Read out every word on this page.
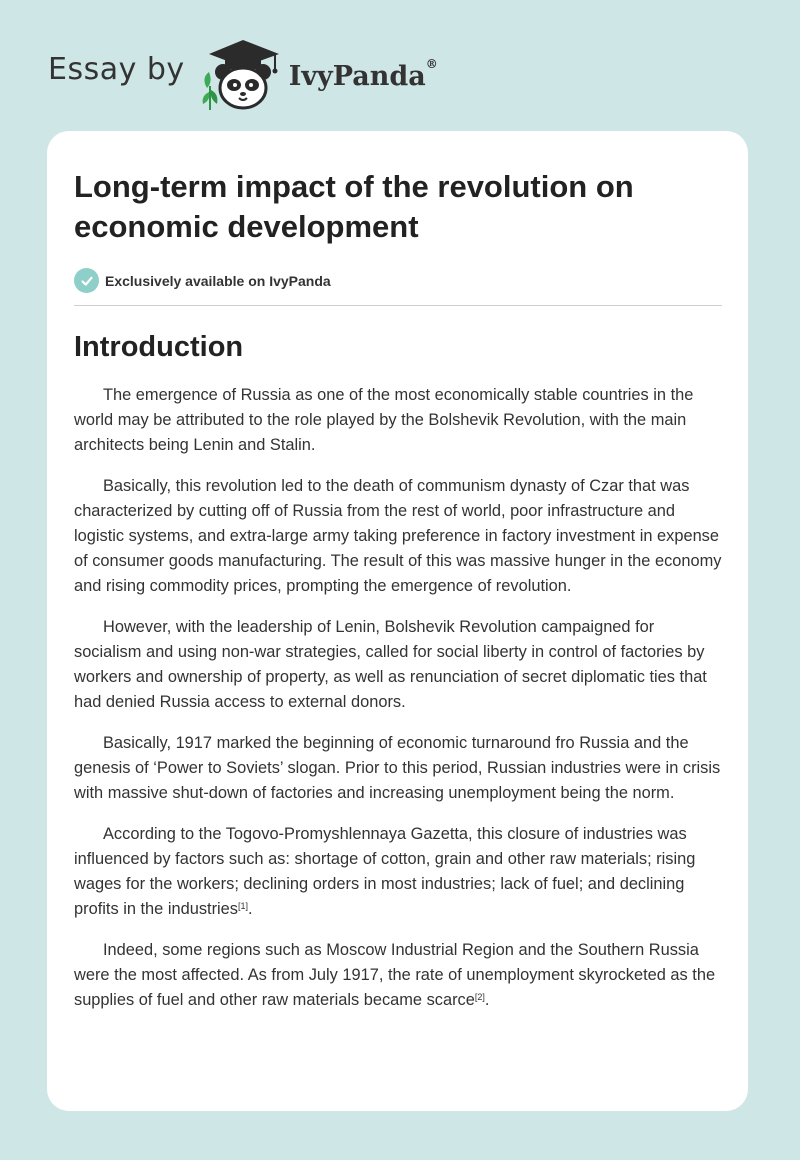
Essay by	IvyPanda®
Long-term impact of the revolution on economic development
Exclusively available on IvyPanda
Introduction

The emergence of Russia as one of the most economically stable countries in the world may be attributed to the role played by the Bolshevik Revolution, with the main architects being Lenin and Stalin.

Basically, this revolution led to the death of communism dynasty of Czar that was characterized by cutting off of Russia from the rest of world, poor infrastructure and logistic systems, and extra-large army taking preference in factory investment in expense of consumer goods manufacturing. The result of this was massive hunger in the economy and rising commodity prices, prompting the emergence of revolution.

However, with the leadership of Lenin, Bolshevik Revolution campaigned for socialism and using non-war strategies, called for social liberty in control of factories by workers and ownership of property, as well as renunciation of secret diplomatic ties that had denied Russia access to external donors.

Basically, 1917 marked the beginning of economic turnaround fro Russia and the genesis of ‘Power to Soviets’ slogan. Prior to this period, Russian industries were in crisis with massive shut-down of factories and increasing unemployment being the norm.

According to the Togovo-Promyshlennaya Gazetta, this closure of industries was influenced by factors such as: shortage of cotton, grain and other raw materials; rising wages for the workers; declining orders in most industries; lack of fuel; and declining profits in the industries[1].

Indeed, some regions such as Moscow Industrial Region and the Southern Russia were the most affected. As from July 1917, the rate of unemployment skyrocketed as the supplies of fuel and other raw materials became scarce[2].
